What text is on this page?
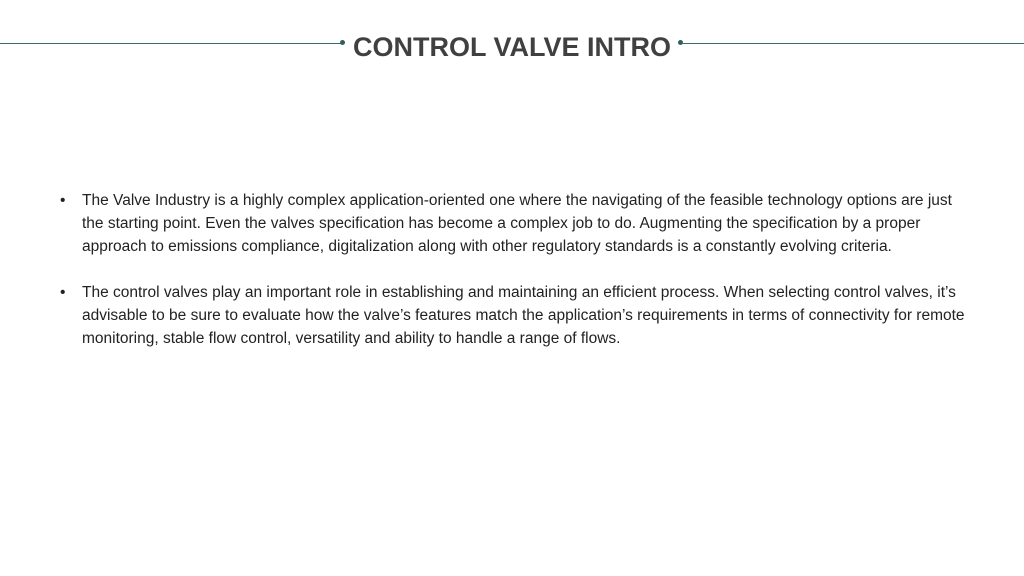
CONTROL VALVE INTRO
•	The Valve Industry is a highly complex application-oriented one where the navigating of the feasible technology options are just the starting point. Even the valves specification has become a complex job to do. Augmenting the specification by a proper approach to emissions compliance, digitalization along with other regulatory standards is a constantly evolving criteria.
•	The control valves play an important role in establishing and maintaining an efficient process. When selecting control valves, it’s advisable to be sure to evaluate how the valve’s features match the application’s requirements in terms of connectivity for remote monitoring, stable flow control, versatility and ability to handle a range of flows.
